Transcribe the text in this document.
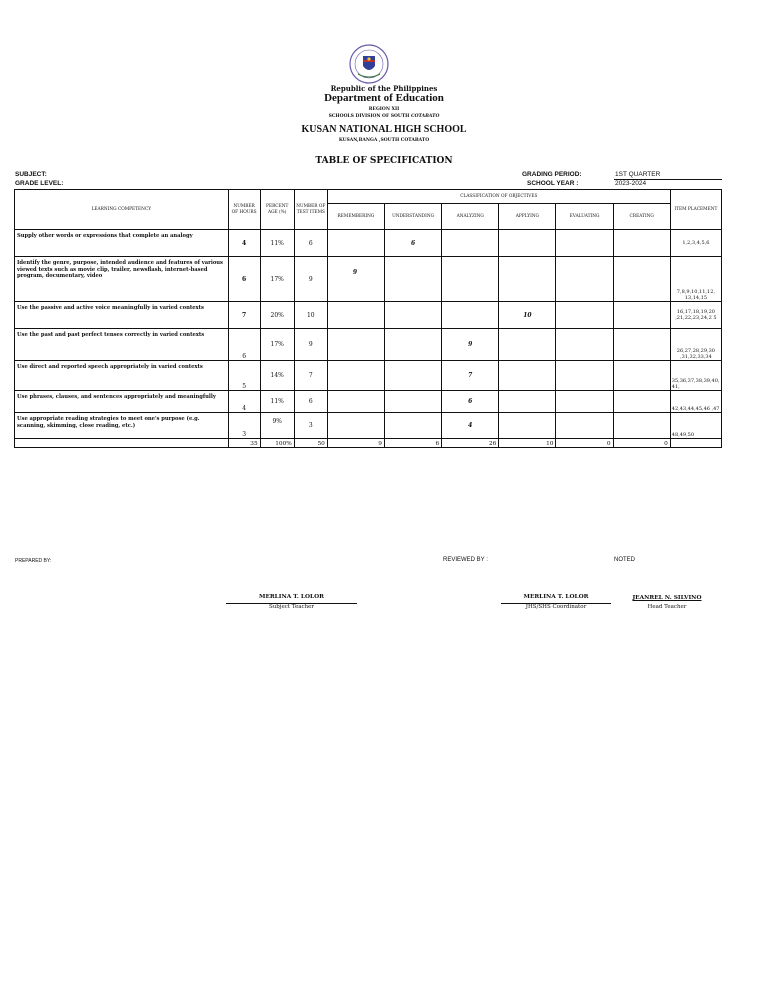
Republic of the Philippines
Department of Education
REGION XII
SCHOOLS DIVISION OF SOUTH COTABATO
KUSAN NATIONAL HIGH SCHOOL
KUSAN,BANGA ,SOUTH COTABATO
TABLE OF SPECIFICATION
SUBJECT:
GRADE LEVEL:
GRADING PERIOD:	1ST QUARTER
SCHOOL YEAR :	2023-2024
LEARNING COMPETENCY	NUMBER OF HOURS	PERCENT AGE (%)	NUMBER OF TEST ITEMS	CLASSIFICATION OF OBJECTIVES						ITEM PLACEMENT
				REMEMBERING	UNDERSTANDING	ANALYZING	APPLYING	EVALUATING	CREATING	
Supply other words or expressions that complete an analogy	4	11%	6		6					1,2,3,4,5,6
Identify the genre, purpose, intended audience and features of various viewed texts such as movie clip, trailer, newsflash, internet-based program, documentary, video	6	17%	9	9						7,8,9,10,11,12, 13,14,15
Use the passive and active voice meaningfully in varied contexts	7	20%	10				10			16,17,18,19,20 ,21,22,23,24,2 5
Use the past and past perfect tenses correctly in varied contexts	6	17%	9			9				26,27,28,29,30 ,31,32,33,34
Use direct and reported speech appropriately in varied contexts	5	14%	7			7				35,36,37,38,39,40, 41,
Use phrases, clauses, and sentences appropriately and meaningfully	4	11%	6			6				42,43,44,45,46 ,47
Use appropriate reading strategies to meet one's purpose (e.g. scanning, skimming, close reading, etc.)	3	9%	3			4				48,49,50
	35	100%	50	9	6	26	10	0	0	
PREPARED BY:	REVIEWED BY :	NOTED
MERLINA T. LOLOR
Subject Teacher
MERLINA T. LOLOR
JHS/SHS Coordinator
JEANREL N. SILVINO
Head Teacher
